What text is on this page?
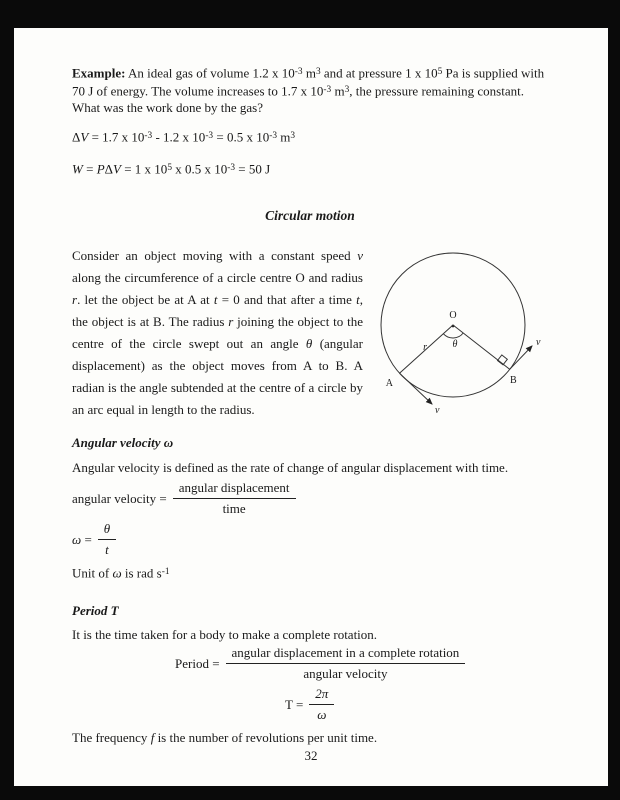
Example: An ideal gas of volume 1.2 x $10^{-3}$ $m^3$ and at pressure 1 x $10^5$ Pa is supplied with 70 J of energy. The volume increases to 1.7 x $10^{-3}$ $m^3$, the pressure remaining constant. What was the work done by the gas?

ΔV = 1.7 x $10^{-3} - 1.2$ x $10^{-3} = 0.5$ x $10^{-3}$ $m^3$

W = PΔV = 1 x $10^5$ x 0.5 x $10^{-3} = 50$ J

Circular motion

Consider an object moving with a constant speed v along the circumference of a circle centre O and radius r. let the object be at A at t = 0 and that after a time t, the object is at B. The radius r joining the object to the centre of the circle swept out an angle θ (angular displacement) as the object moves from A to B. A radian is the angle subtended at the centre of a circle by an arc equal in length to the radius.

O
θ
r
A	B
v
v
Angular velocity ω

Angular velocity is defined as the rate of change of angular displacement with time.

angular velocity = $\frac{\text{angular displacement}}{\text{time}}$
$\omega = \frac{\theta}{t}$

Unit of ω is rad $s^{-1}$

Period T

It is the time taken for a body to make a complete rotation.

Period = $\frac{\text{angular displacement in a complete rotation}}{\text{angular velocity}}$
$T = \frac{2\pi}{\omega}$

The frequency f is the number of revolutions per unit time.

32
